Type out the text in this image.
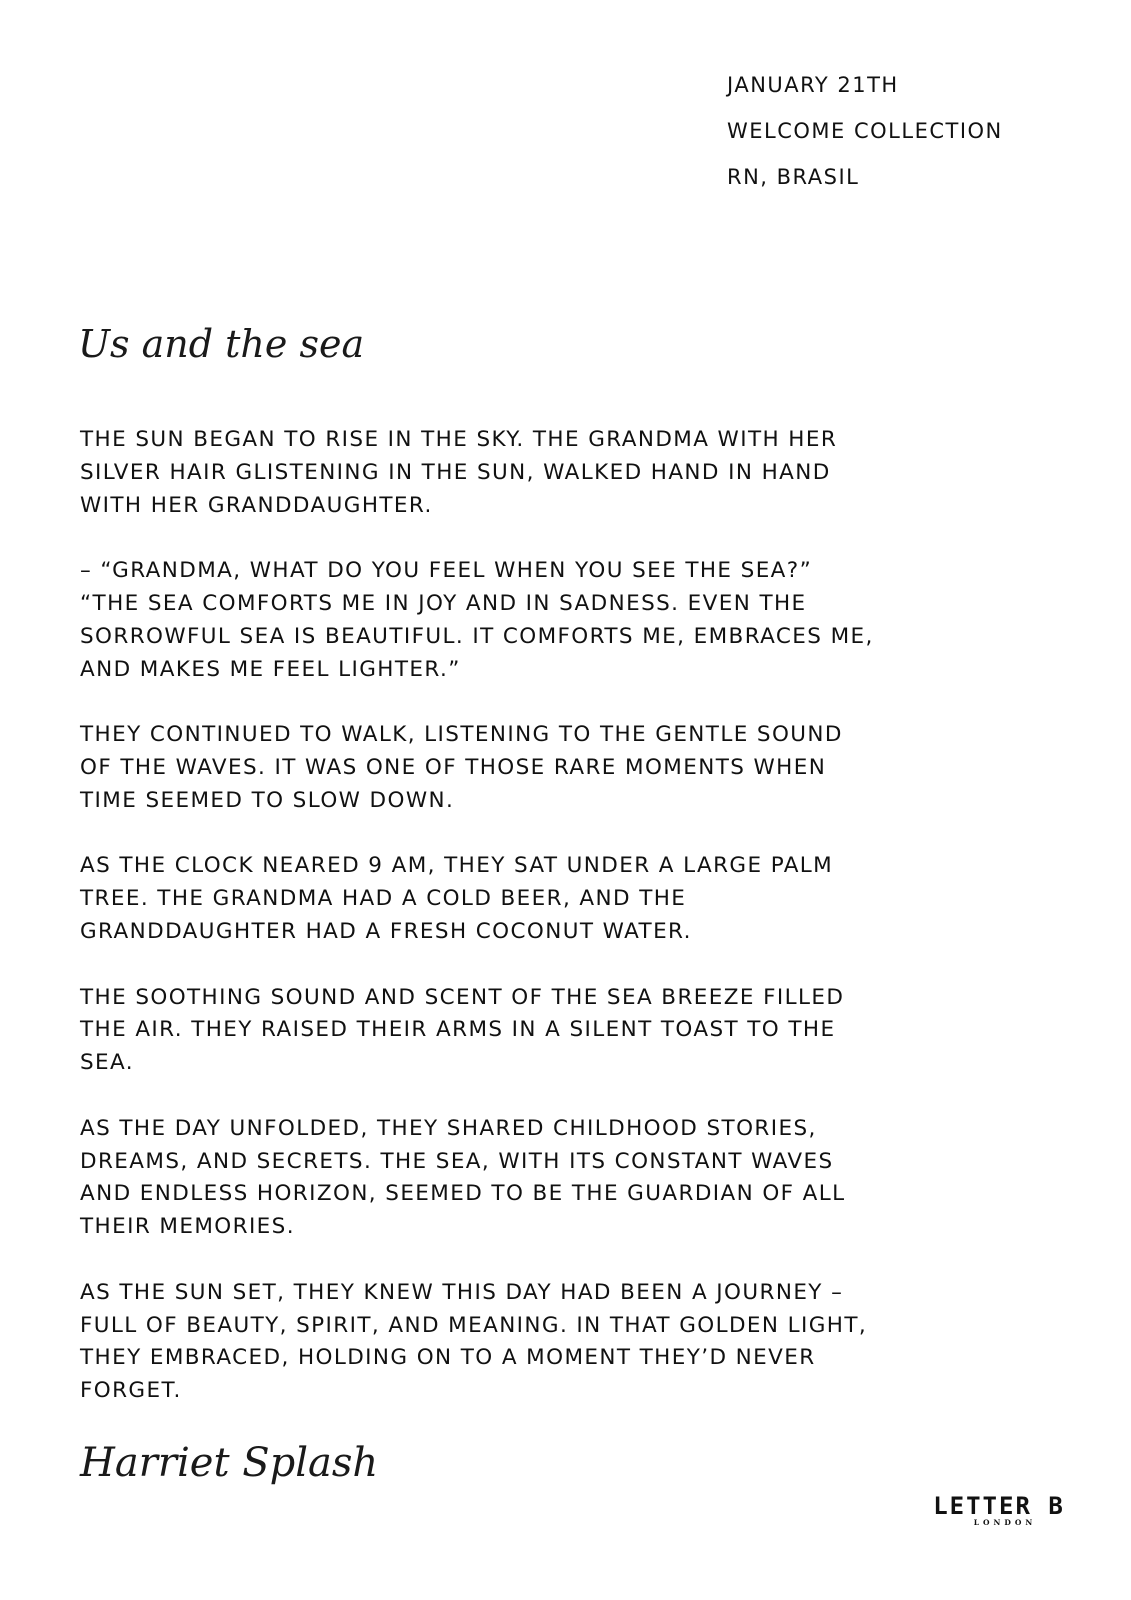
JANUARY 21TH
WELCOME COLLECTION
RN, BRASIL
Us and the sea
THE SUN BEGAN TO RISE IN THE SKY. THE GRANDMA WITH HER
SILVER HAIR GLISTENING IN THE SUN, WALKED HAND IN HAND
WITH HER GRANDDAUGHTER.
– “GRANDMA, WHAT DO YOU FEEL WHEN YOU SEE THE SEA?”
“THE SEA COMFORTS ME IN JOY AND IN SADNESS. EVEN THE
SORROWFUL SEA IS BEAUTIFUL. IT COMFORTS ME, EMBRACES ME,
AND MAKES ME FEEL LIGHTER.”
THEY CONTINUED TO WALK, LISTENING TO THE GENTLE SOUND
OF THE WAVES. IT WAS ONE OF THOSE RARE MOMENTS WHEN
TIME SEEMED TO SLOW DOWN.
AS THE CLOCK NEARED 9 AM, THEY SAT UNDER A LARGE PALM
TREE. THE GRANDMA HAD A COLD BEER, AND THE
GRANDDAUGHTER HAD A FRESH COCONUT WATER.
THE SOOTHING SOUND AND SCENT OF THE SEA BREEZE FILLED
THE AIR. THEY RAISED THEIR ARMS IN A SILENT TOAST TO THE
SEA.
AS THE DAY UNFOLDED, THEY SHARED CHILDHOOD STORIES,
DREAMS, AND SECRETS. THE SEA, WITH ITS CONSTANT WAVES
AND ENDLESS HORIZON, SEEMED TO BE THE GUARDIAN OF ALL
THEIR MEMORIES.
AS THE SUN SET, THEY KNEW THIS DAY HAD BEEN A JOURNEY –
FULL OF BEAUTY, SPIRIT, AND MEANING. IN THAT GOLDEN LIGHT,
THEY EMBRACED, HOLDING ON TO A MOMENT THEY’D NEVER
FORGET.
Harriet Splash
LETTER B
LONDON
